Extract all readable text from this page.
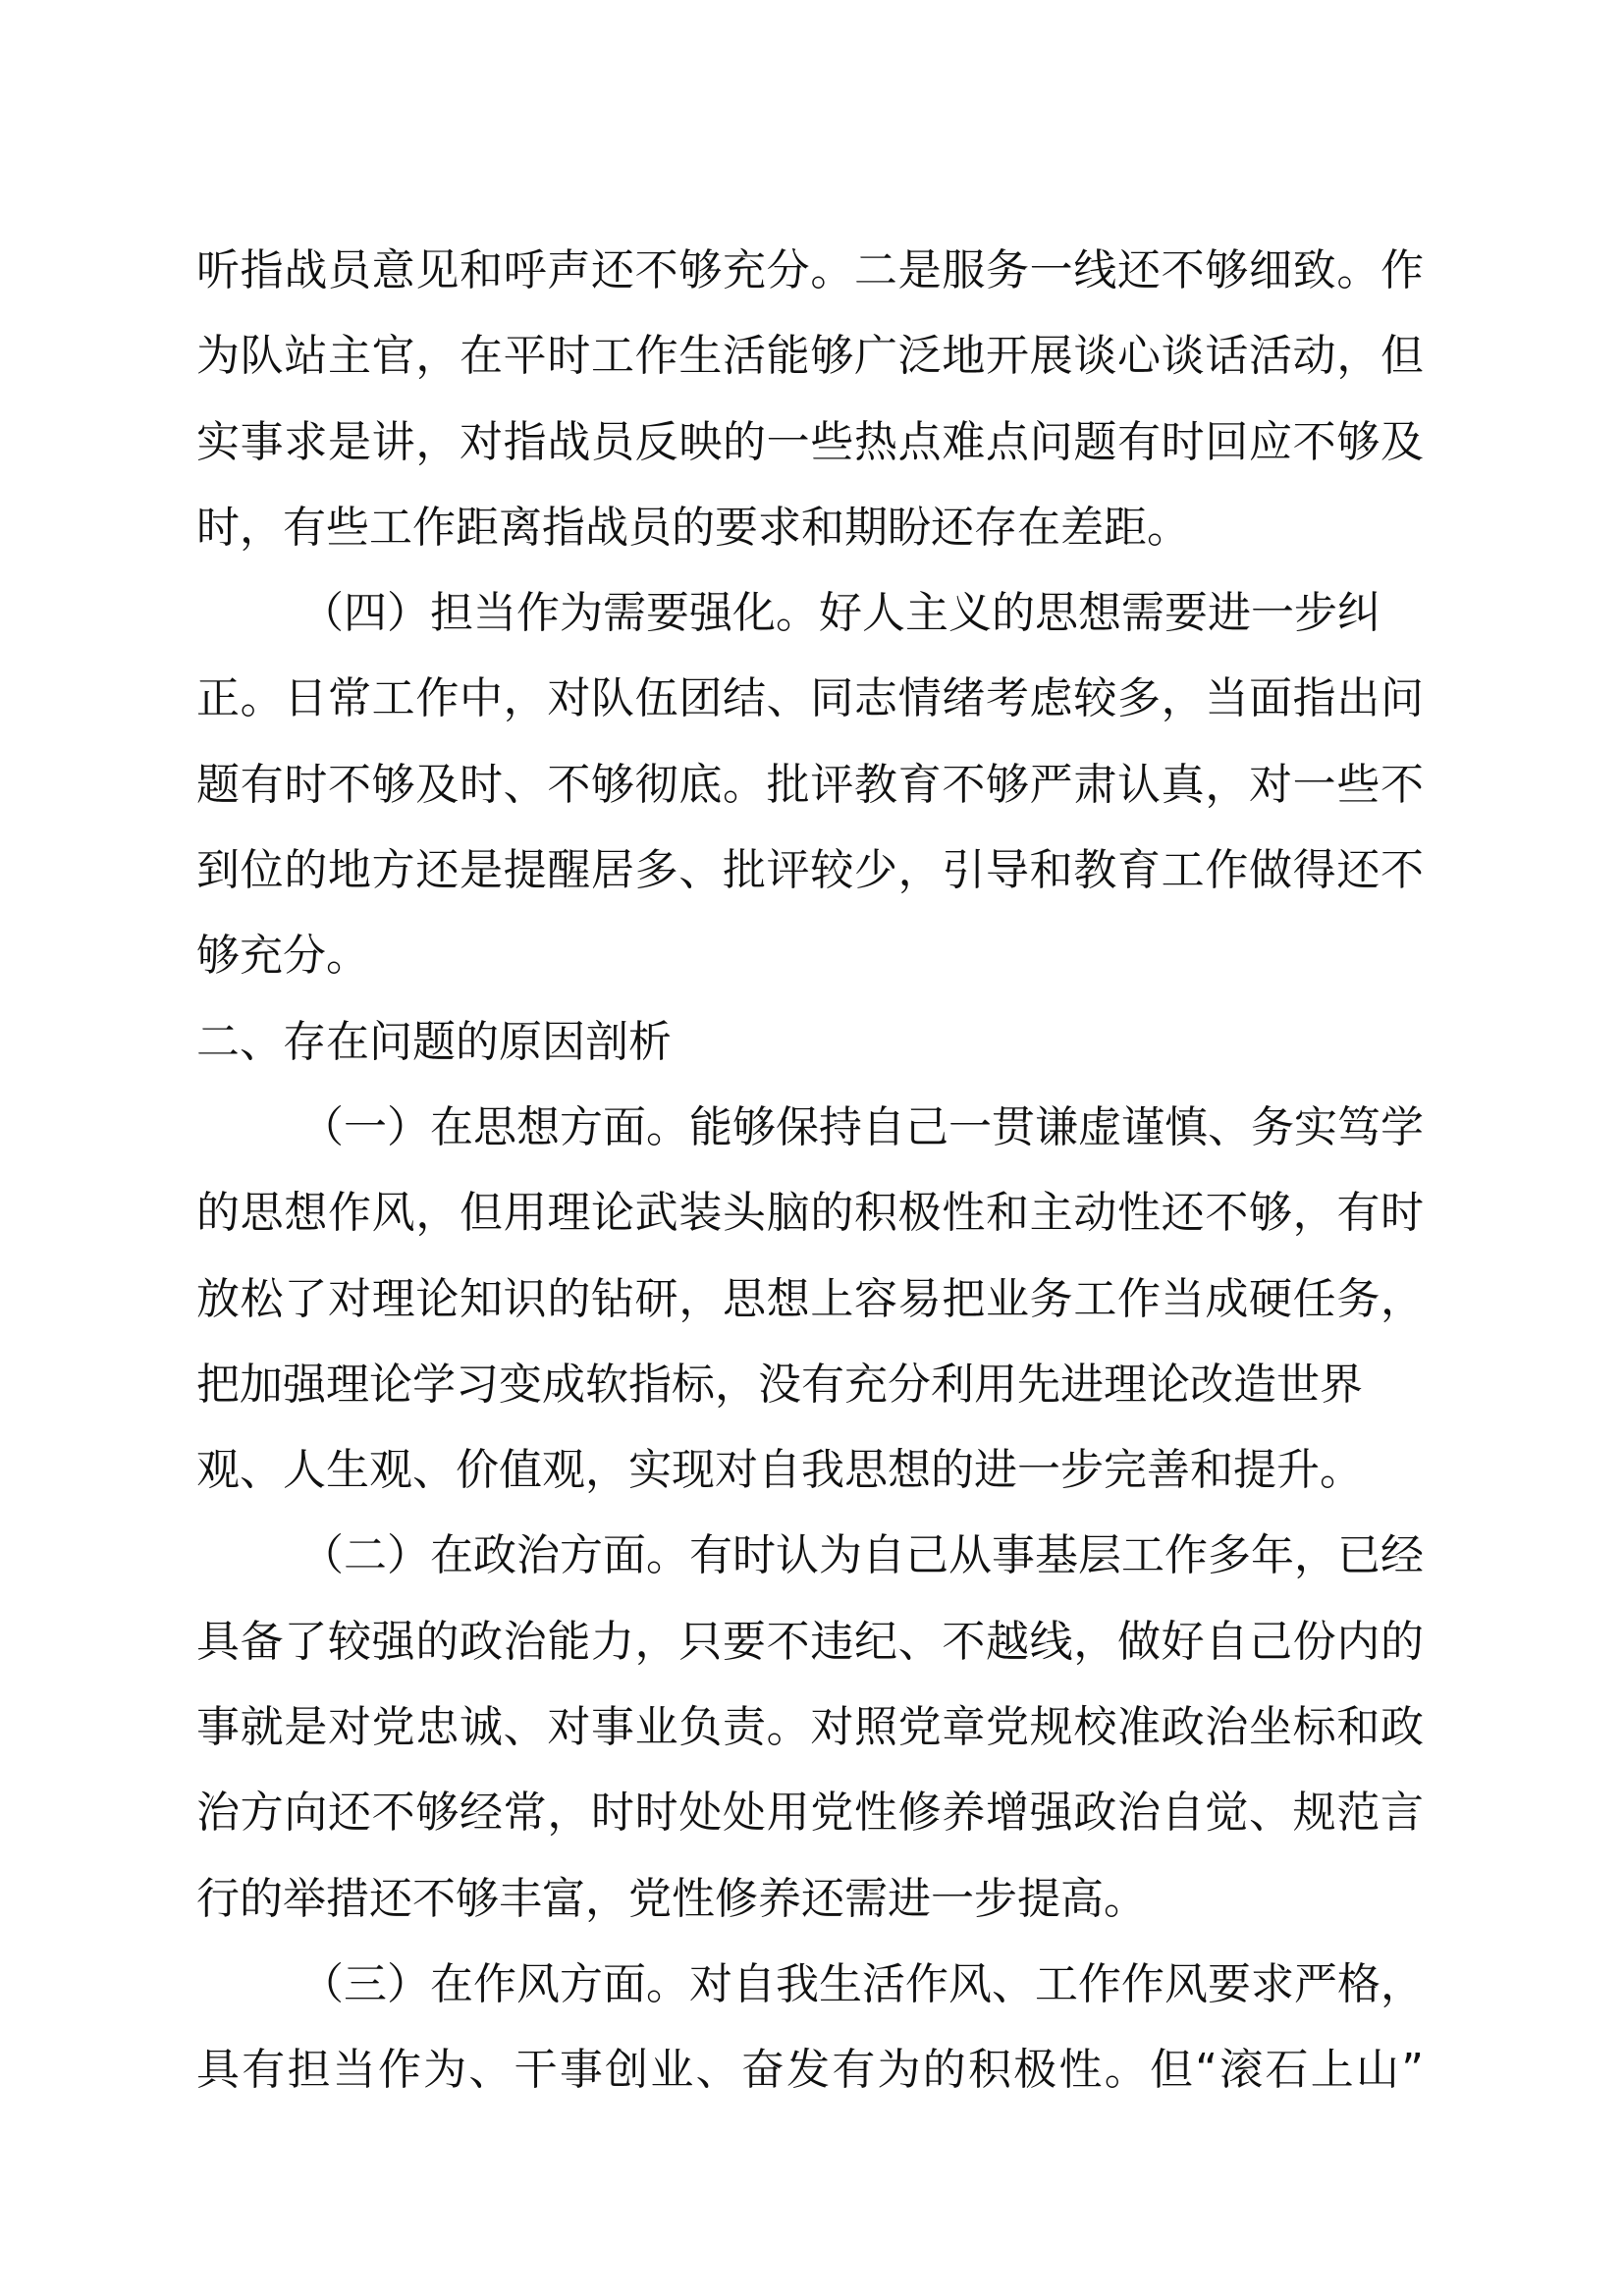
听指战员意见和呼声还不够充分。二是服务一线还不够细致。作
为队站主官，在平时工作生活能够广泛地开展谈心谈话活动，但
实事求是讲，对指战员反映的一些热点难点问题有时回应不够及
时，有些工作距离指战员的要求和期盼还存在差距。
（四）担当作为需要强化。好人主义的思想需要进一步纠
正。日常工作中，对队伍团结、同志情绪考虑较多，当面指出问
题有时不够及时、不够彻底。批评教育不够严肃认真，对一些不
到位的地方还是提醒居多、批评较少，引导和教育工作做得还不
够充分。
二、存在问题的原因剖析
（一）在思想方面。能够保持自己一贯谦虚谨慎、务实笃学
的思想作风，但用理论武装头脑的积极性和主动性还不够，有时
放松了对理论知识的钻研，思想上容易把业务工作当成硬任务，
把加强理论学习变成软指标，没有充分利用先进理论改造世界
观、人生观、价值观，实现对自我思想的进一步完善和提升。
（二）在政治方面。有时认为自己从事基层工作多年，已经
具备了较强的政治能力，只要不违纪、不越线，做好自己份内的
事就是对党忠诚、对事业负责。对照党章党规校准政治坐标和政
治方向还不够经常，时时处处用党性修养增强政治自觉、规范言
行的举措还不够丰富，党性修养还需进一步提高。
（三）在作风方面。对自我生活作风、工作作风要求严格，
具有担当作为、干事创业、奋发有为的积极性。但“滚石上山”
